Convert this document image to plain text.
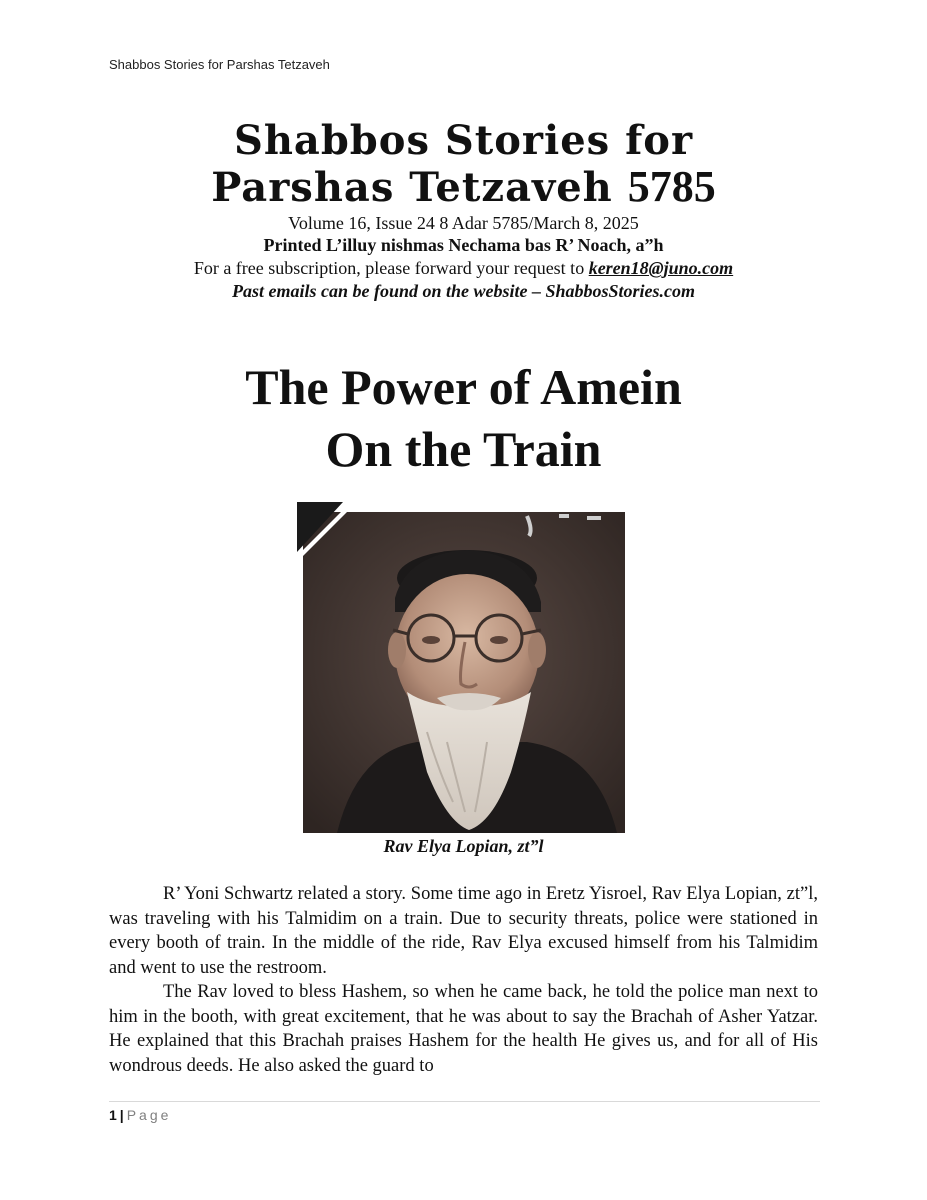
Shabbos Stories for Parshas Tetzaveh
Shabbos Stories for
Parshas Tetzaveh 5785
Volume 16, Issue 24 8 Adar 5785/March 8, 2025
Printed L’illuy nishmas Nechama bas R’ Noach, a”h
For a free subscription, please forward your request to keren18@juno.com
Past emails can be found on the website – ShabbosStories.com
The Power of Amein
On the Train
Rav Elya Lopian, zt”l

R’ Yoni Schwartz related a story. Some time ago in Eretz Yisroel, Rav Elya Lopian, zt”l, was traveling with his Talmidim on a train. Due to security threats, police were stationed in every booth of train. In the middle of the ride, Rav Elya excused himself from his Talmidim and went to use the restroom.

The Rav loved to bless Hashem, so when he came back, he told the police man next to him in the booth, with great excitement, that he was about to say the Brachah of Asher Yatzar. He explained that this Brachah praises Hashem for the health He gives us, and for all of His wondrous deeds. He also asked the guard to

1 | Page
